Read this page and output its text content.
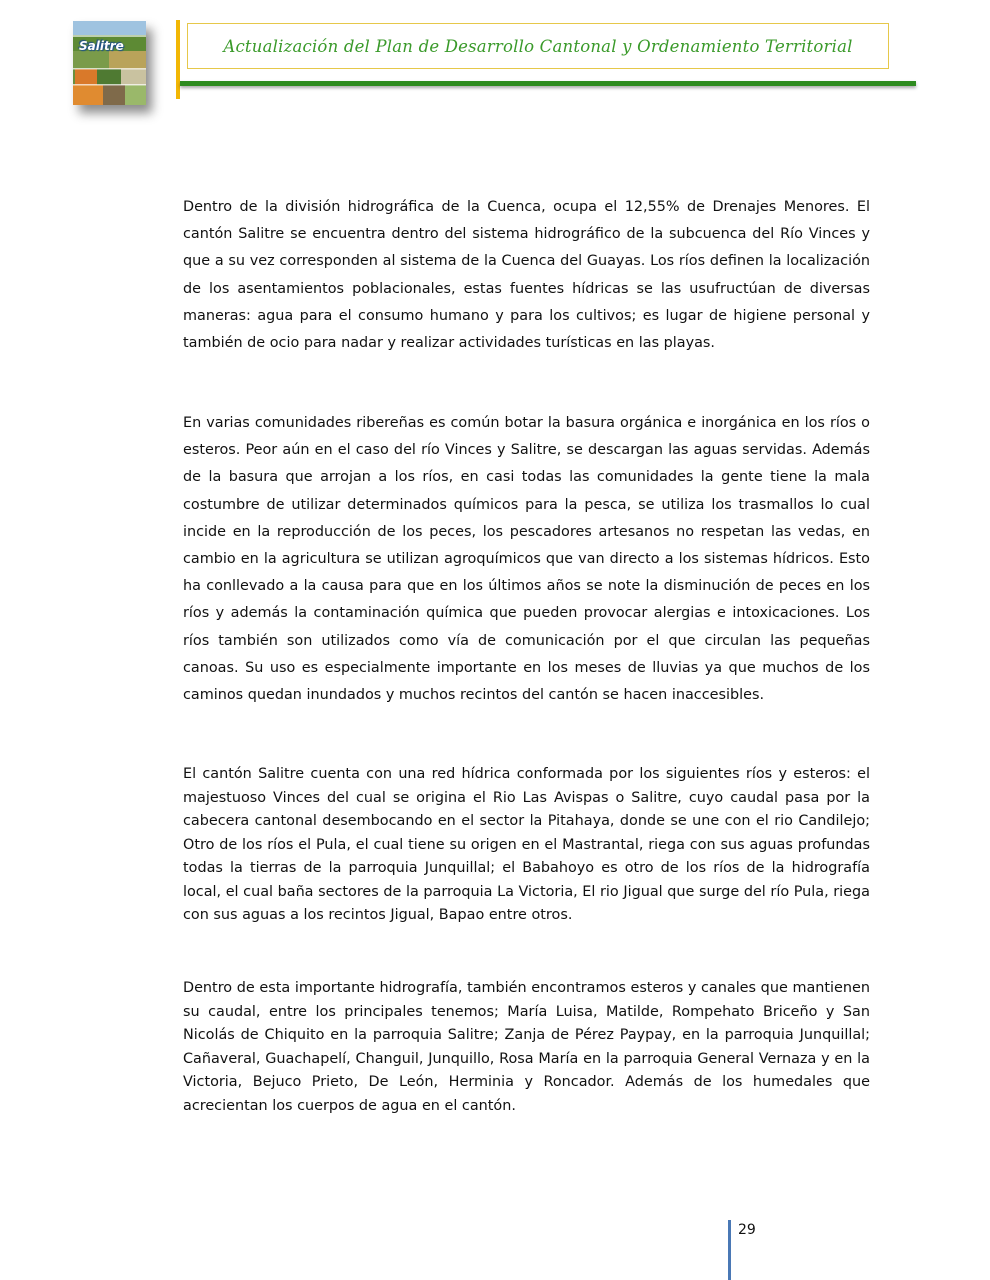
Salitre	Actualización del Plan de Desarrollo Cantonal y Ordenamiento Territorial

Dentro de la división hidrográfica de la Cuenca, ocupa el 12,55% de Drenajes Menores. El cantón Salitre se encuentra dentro del sistema hidrográfico de la subcuenca del Río Vinces y que a su vez corresponden al sistema de la Cuenca del Guayas. Los ríos definen la localización de los asentamientos poblacionales, estas fuentes hídricas se las usufructúan de diversas maneras: agua para el consumo humano y para los cultivos; es lugar de higiene personal y también de ocio para nadar y realizar actividades turísticas en las playas.

En varias comunidades ribereñas es común botar la basura orgánica e inorgánica en los ríos o esteros. Peor aún en el caso del río Vinces y Salitre, se descargan las aguas servidas. Además de la basura que arrojan a los ríos, en casi todas las comunidades la gente tiene la mala costumbre de utilizar determinados químicos para la pesca, se utiliza los trasmallos lo cual incide en la reproducción de los peces, los pescadores artesanos no respetan las vedas, en cambio en la agricultura se utilizan agroquímicos que van directo a los sistemas hídricos. Esto ha conllevado a la causa para que en los últimos años se note la disminución de peces en los ríos y además la contaminación química que pueden provocar alergias e intoxicaciones. Los ríos también son utilizados como vía de comunicación por el que circulan las pequeñas canoas. Su uso es especialmente importante en los meses de lluvias ya que muchos de los caminos quedan inundados y muchos recintos del cantón se hacen inaccesibles.

El cantón Salitre cuenta con una red hídrica conformada por los siguientes ríos y esteros: el majestuoso Vinces del cual se origina el Rio Las Avispas o Salitre, cuyo caudal pasa por la cabecera cantonal desembocando en el sector la Pitahaya, donde se une con el rio Candilejo; Otro de los ríos el Pula, el cual tiene su origen en el Mastrantal, riega con sus aguas profundas todas la tierras de la parroquia Junquillal; el Babahoyo es otro de los ríos de la hidrografía local, el cual baña sectores de la parroquia La Victoria, El rio Jigual que surge del río Pula, riega con sus aguas a los recintos Jigual, Bapao entre otros.

Dentro de esta importante hidrografía, también encontramos esteros y canales que mantienen su caudal, entre los principales tenemos; María Luisa, Matilde, Rompehato Briceño y San Nicolás de Chiquito en la parroquia Salitre; Zanja de Pérez Paypay, en la parroquia Junquillal; Cañaveral, Guachapelí, Changuil, Junquillo, Rosa María en la parroquia General Vernaza y en la Victoria, Bejuco Prieto, De León, Herminia y Roncador. Además de los humedales que acrecientan los cuerpos de agua en el cantón.

29
